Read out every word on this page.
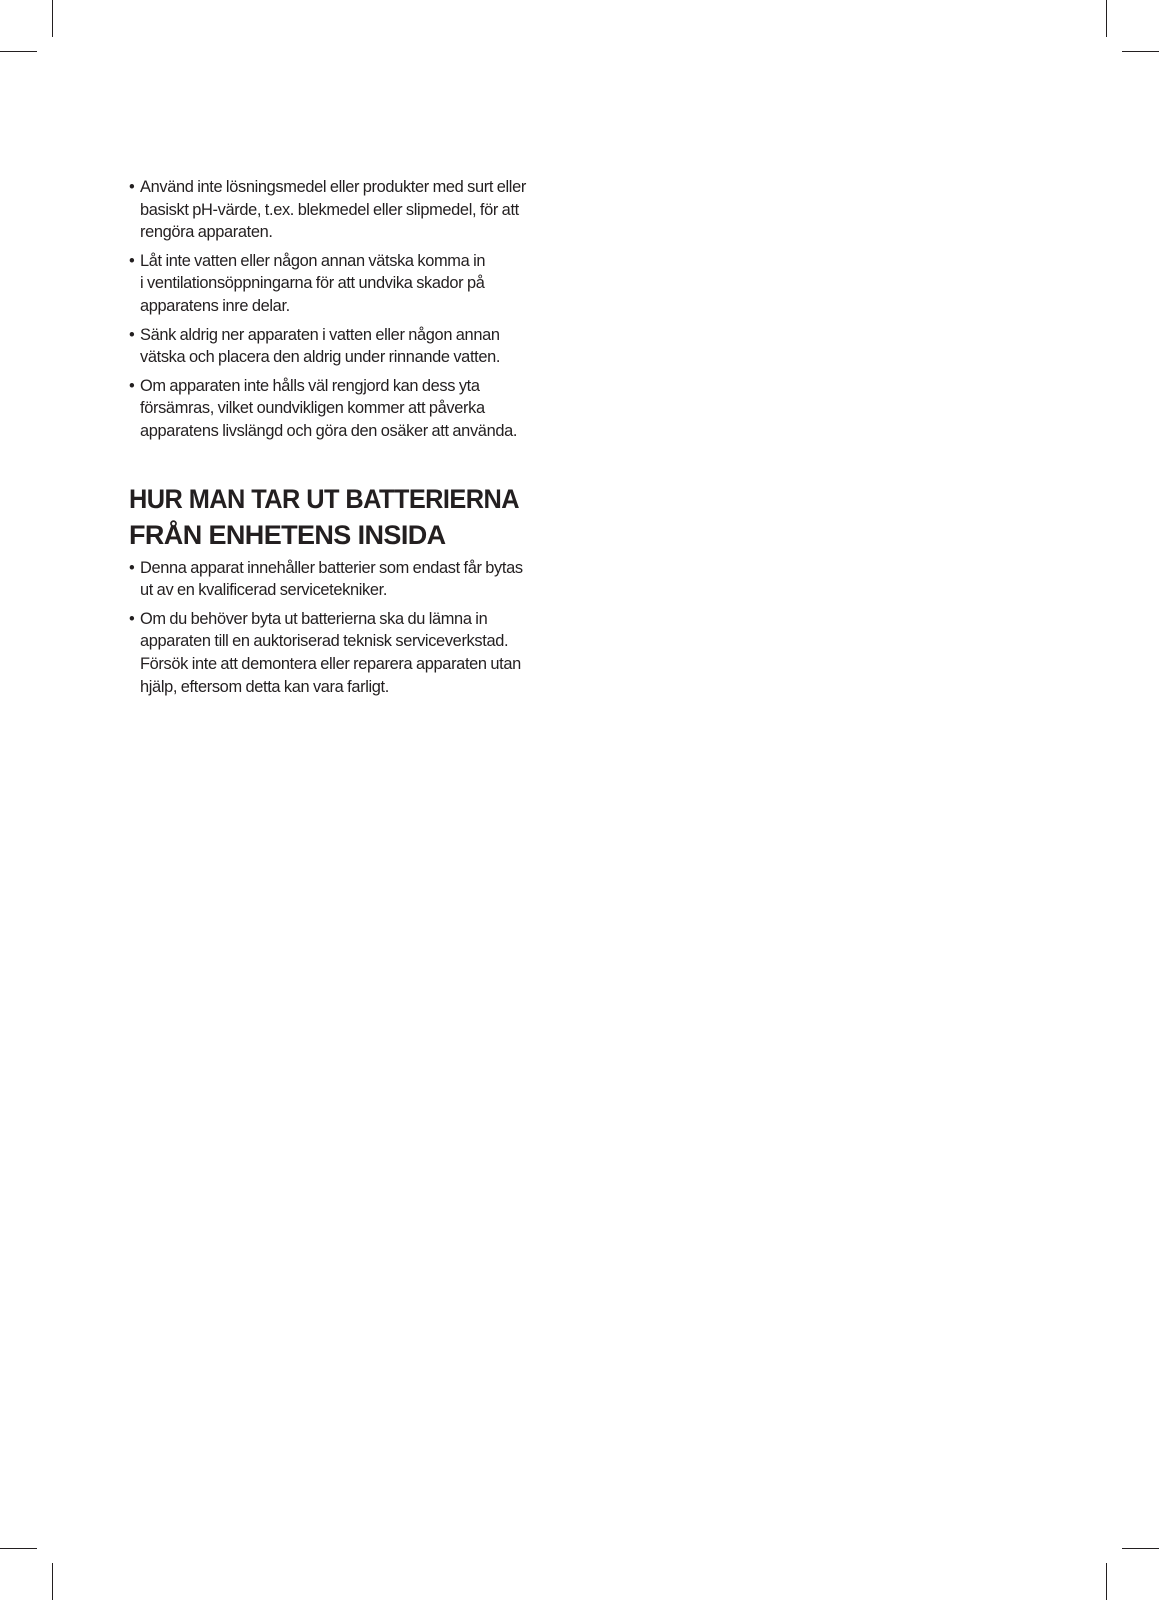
• Använd inte lösningsmedel eller produkter med surt eller
basiskt pH-värde, t.ex. blekmedel eller slipmedel, för att
rengöra apparaten.
• Låt inte vatten eller någon annan vätska komma in
i ventilationsöppningarna för att undvika skador på
apparatens inre delar.
• Sänk aldrig ner apparaten i vatten eller någon annan
vätska och placera den aldrig under rinnande vatten.
• Om apparaten inte hålls väl rengjord kan dess yta
försämras, vilket oundvikligen kommer att påverka
apparatens livslängd och göra den osäker att använda.
HUR MAN TAR UT BATTERIERNA
FRÅN ENHETENS INSIDA
• Denna apparat innehåller batterier som endast får bytas
ut av en kvalificerad servicetekniker.
• Om du behöver byta ut batterierna ska du lämna in
apparaten till en auktoriserad teknisk serviceverkstad.
Försök inte att demontera eller reparera apparaten utan
hjälp, eftersom detta kan vara farligt.
